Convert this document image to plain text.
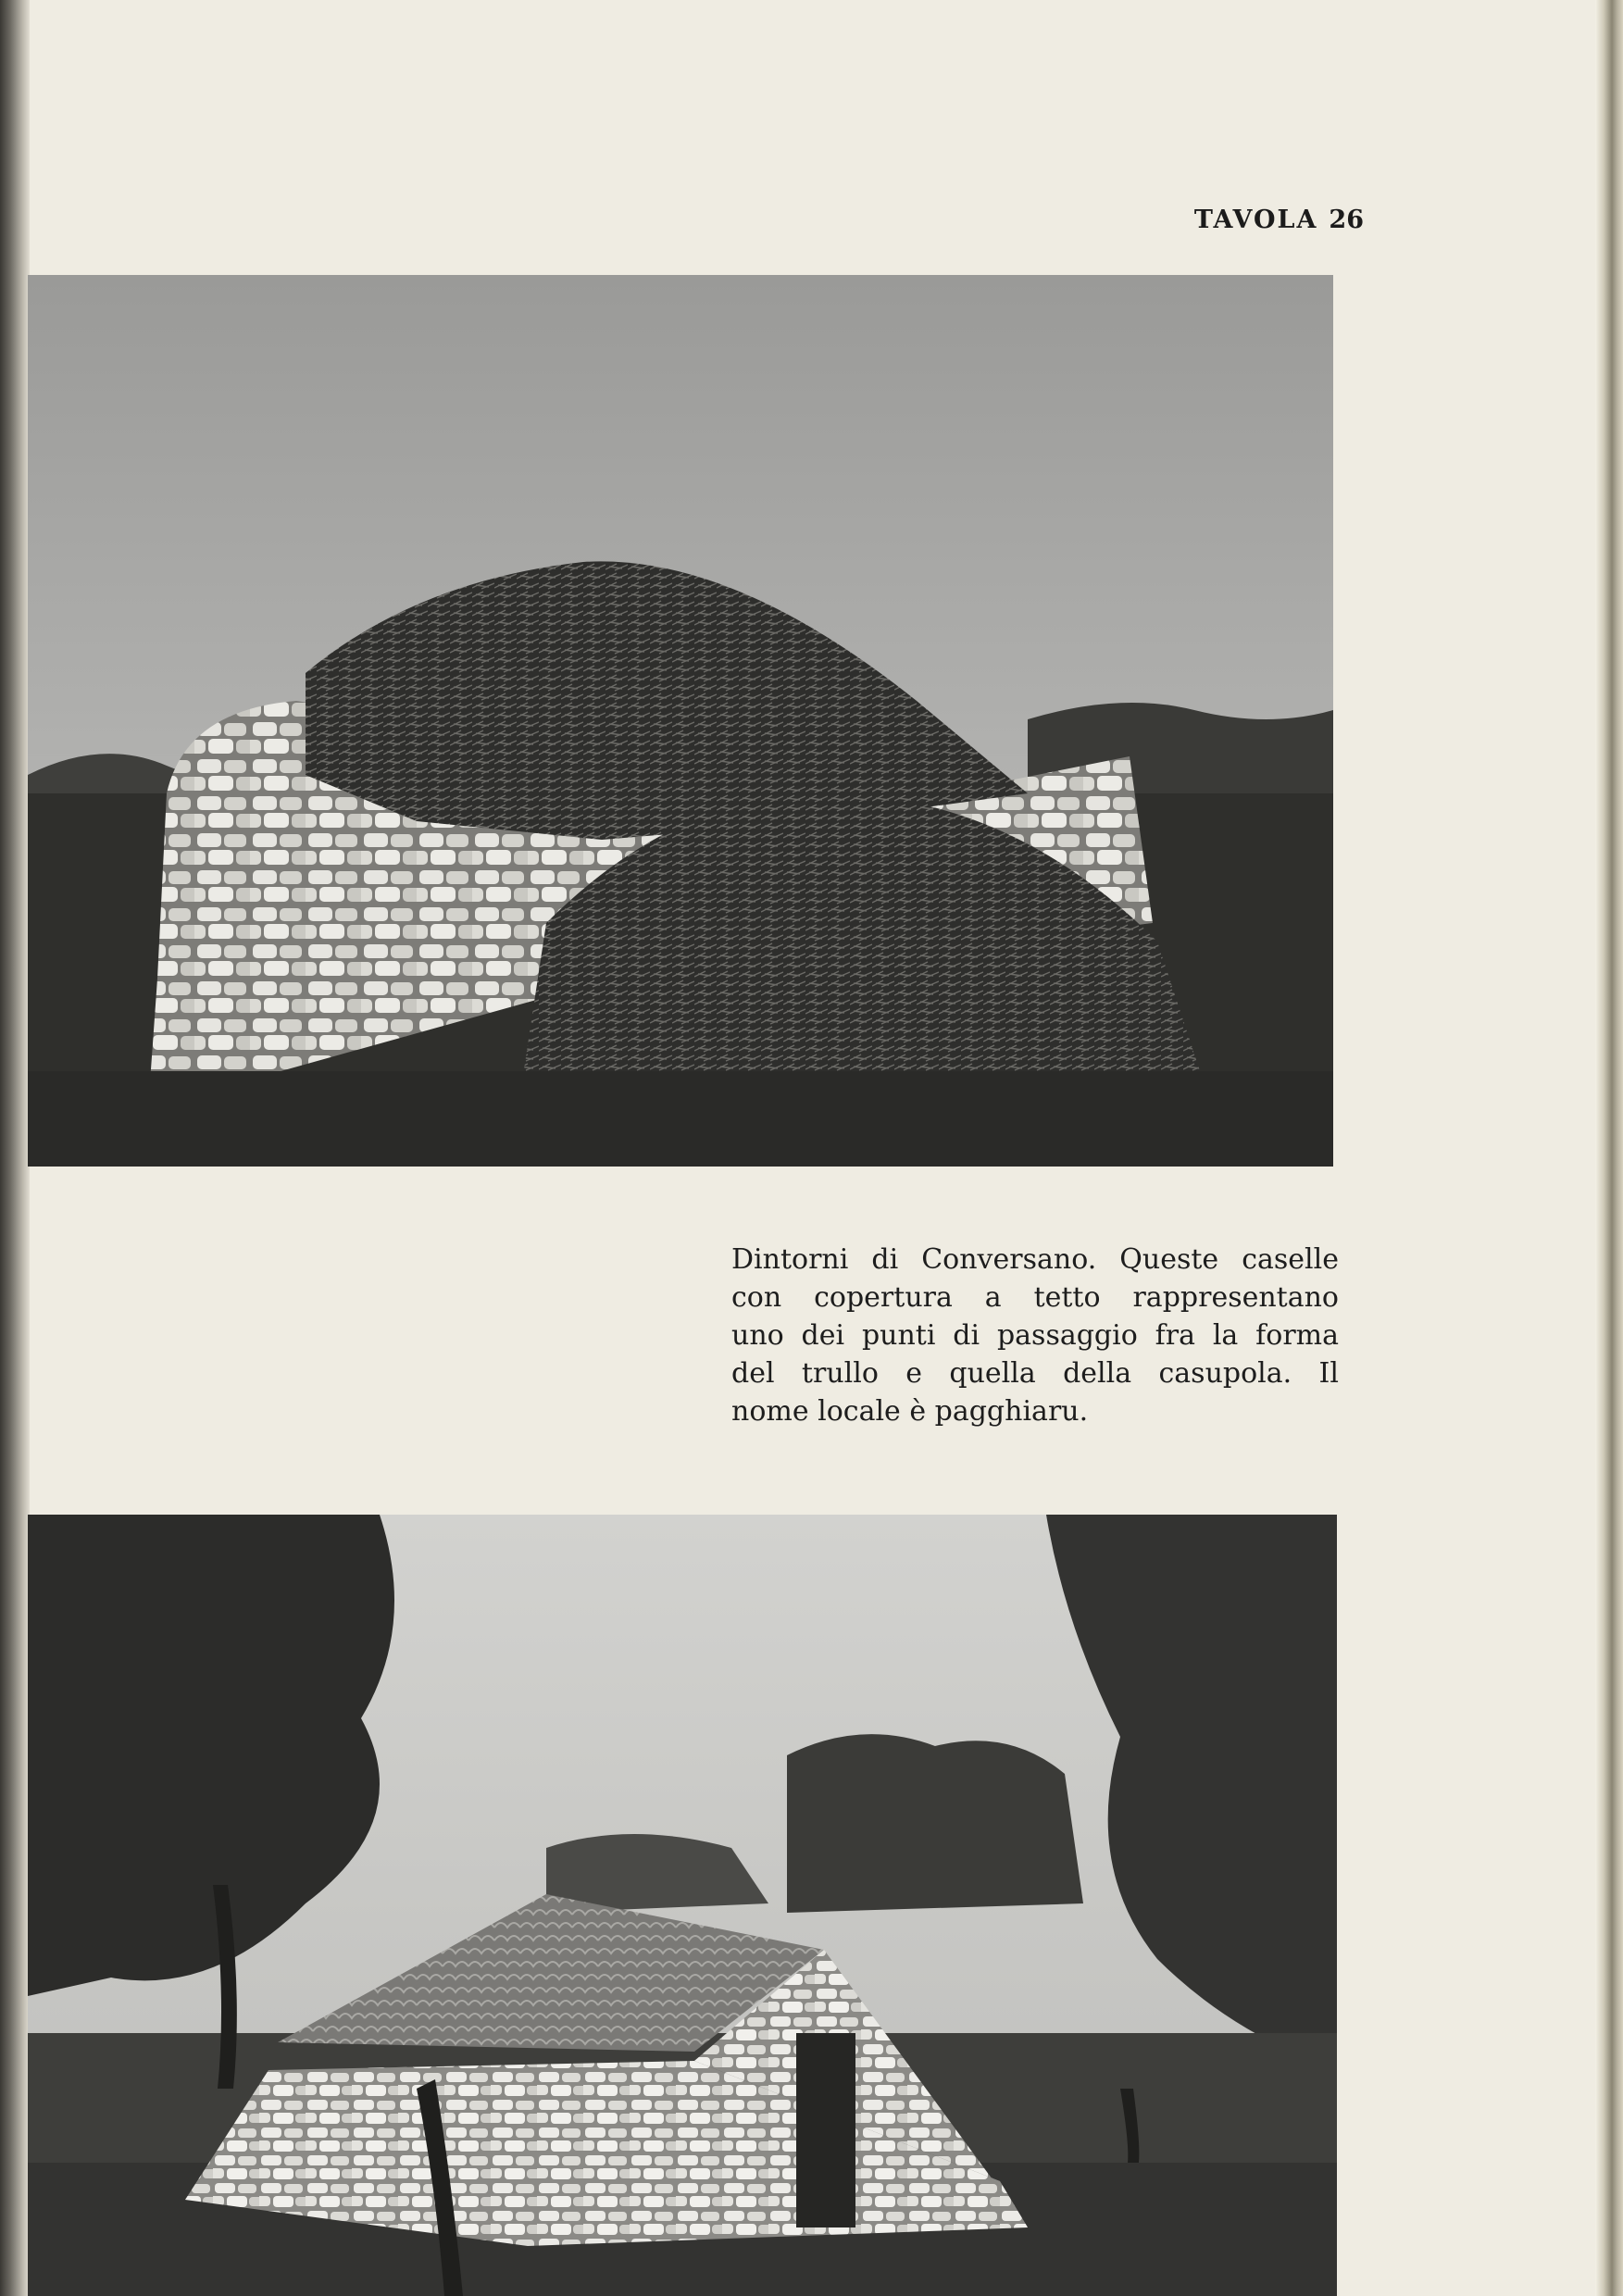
TAVOLA 26
Dintorni di Conversano. Queste caselle
con copertura a tetto rappresentano
uno dei punti di passaggio fra la forma
del trullo e quella della casupola. Il
nome locale è pagghiaru.
